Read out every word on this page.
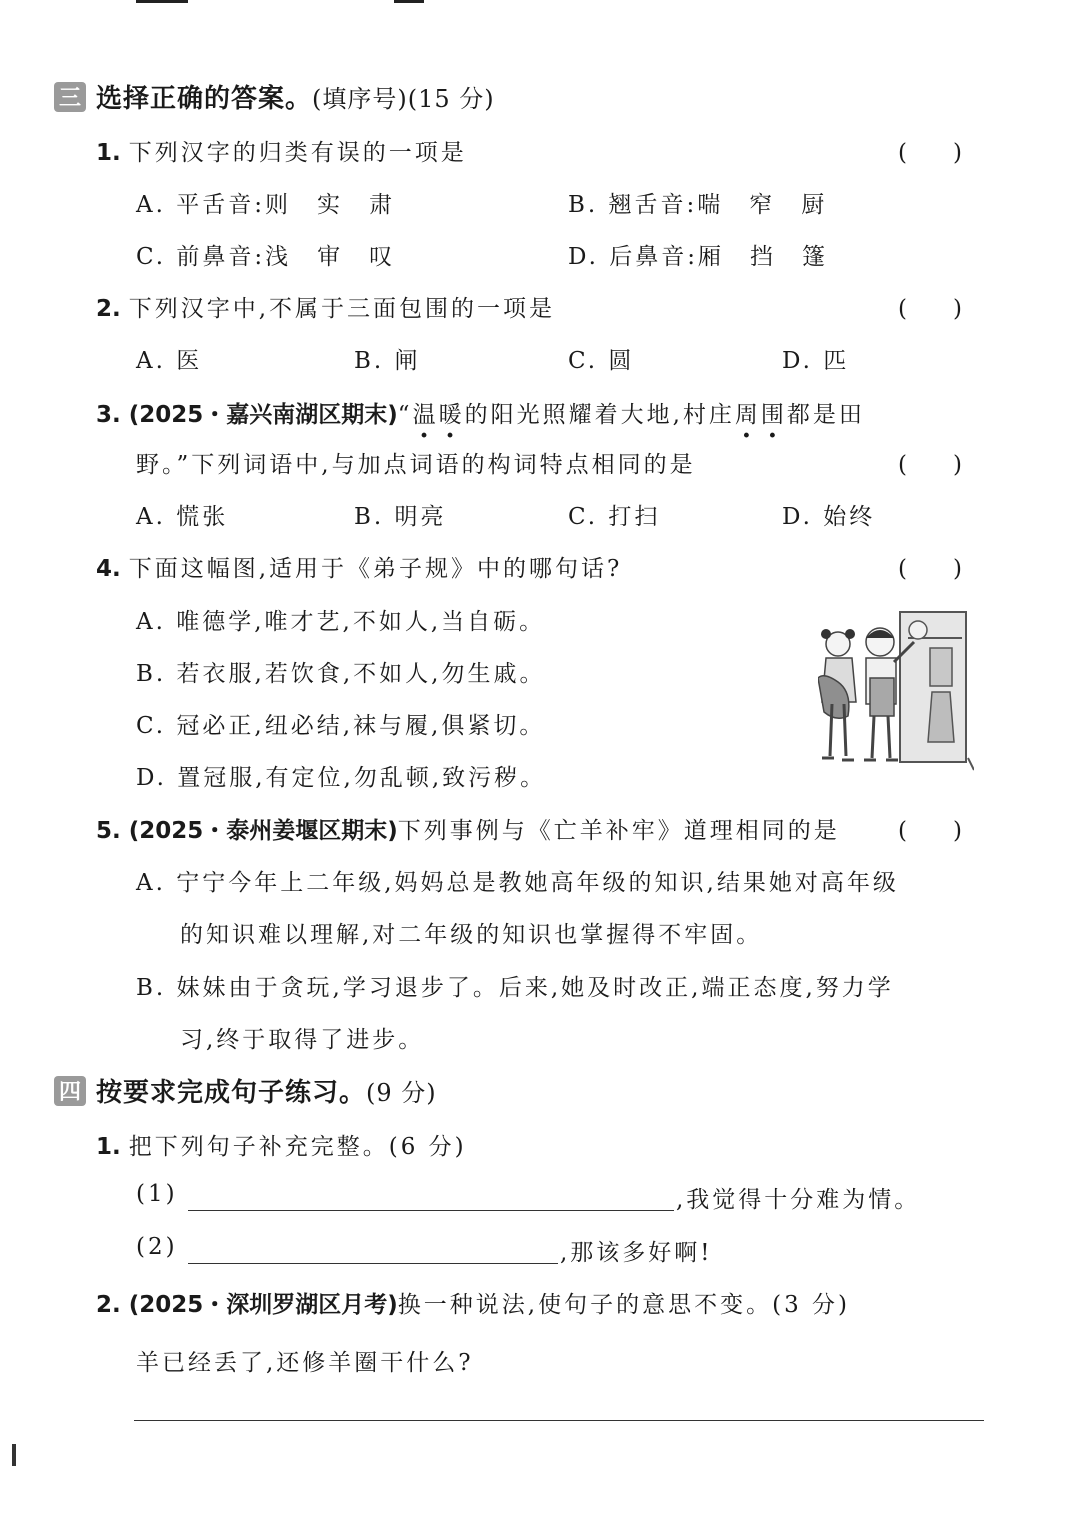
三 选择正确的答案。 (填序号)(15 分)
1. 下列汉字的归类有误的一项是	(　　)
A. 平舌音:则　实　肃	B. 翘舌音:喘　窄　厨
C. 前鼻音:浅　审　叹	D. 后鼻音:厢　挡　篷
2. 下列汉字中,不属于三面包围的一项是	(　　)
A. 医	B. 闸	C. 圆	D. 匹
3. (2025・嘉兴南湖区期末)“温暖的阳光照耀着大地,村庄周围都是田
野。”下列词语中,与加点词语的构词特点相同的是	(　　)
A. 慌张	B. 明亮	C. 打扫	D. 始终
4. 下面这幅图,适用于《弟子规》中的哪句话?	(　　)
A. 唯德学,唯才艺,不如人,当自砺。
B. 若衣服,若饮食,不如人,勿生戚。
C. 冠必正,纽必结,袜与履,俱紧切。
D. 置冠服,有定位,勿乱顿,致污秽。
5. (2025・泰州姜堰区期末)下列事例与《亡羊补牢》道理相同的是	(　　)
A. 宁宁今年上二年级,妈妈总是教她高年级的知识,结果她对高年级
的知识难以理解,对二年级的知识也掌握得不牢固。
B. 妹妹由于贪玩,学习退步了。后来,她及时改正,端正态度,努力学
习,终于取得了进步。
四 按要求完成句子练习。 (9 分)
1. 把下列句子补充完整。(6 分)
(1)	,我觉得十分难为情。
(2)	,那该多好啊!
2. (2025・深圳罗湖区月考)换一种说法,使句子的意思不变。(3 分)
羊已经丢了,还修羊圈干什么?
